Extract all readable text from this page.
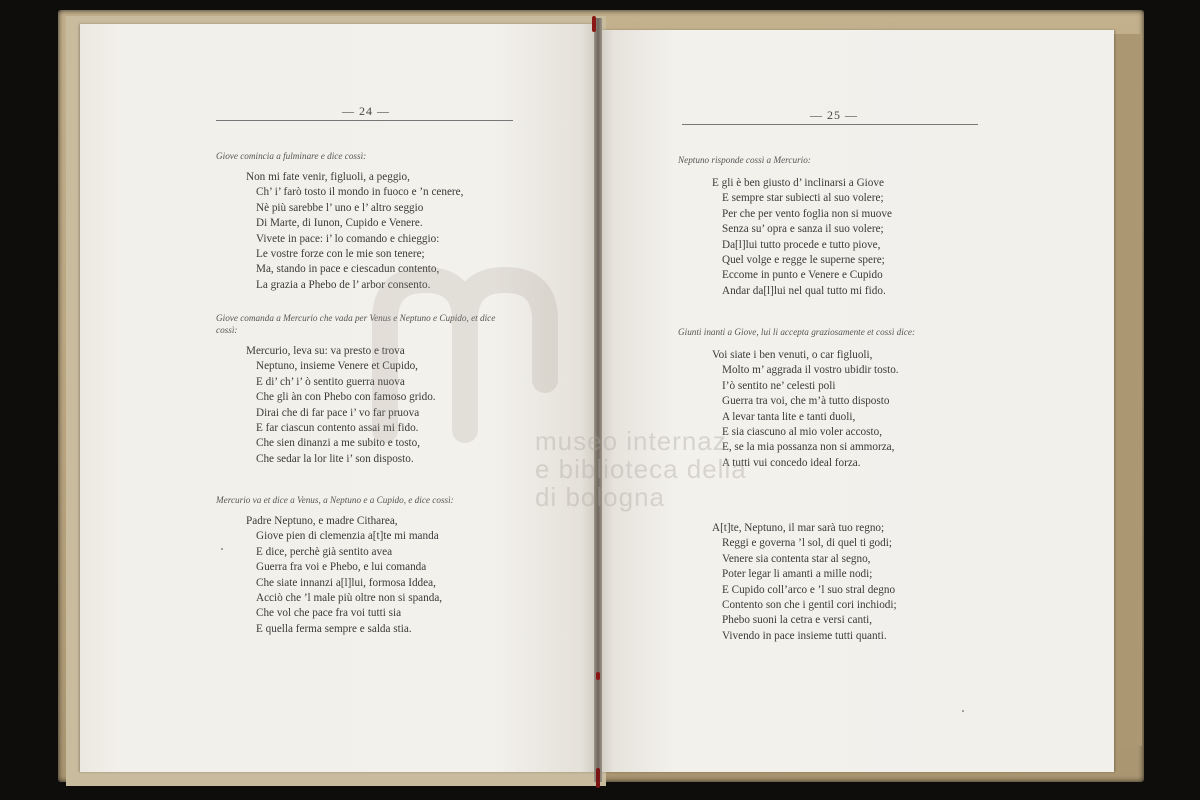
— 24 —
Giove comincia a fulminare e dice cossì:
Non mi fate venir, figluoli, a peggio,
Ch’ i’ farò tosto il mondo in fuoco e ’n cenere,
Nè più sarebbe l’ uno e l’ altro seggio
Di Marte, di Iunon, Cupido e Venere.
Vivete in pace: i’ lo comando e chieggio:
Le vostre forze con le mie son tenere;
Ma, stando in pace e ciescadun contento,
La grazia a Phebo de l’ arbor consento.
Giove comanda a Mercurio che vada per Venus e Neptuno e Cupido, et dice cossì:
Mercurio, leva su: va presto e trova
Neptuno, insieme Venere et Cupido,
E di’ ch’ i’ ò sentito guerra nuova
Che gli àn con Phebo con famoso grido.
Dirai che di far pace i’ vo far pruova
E far ciascun contento assai mi fido.
Che sien dinanzi a me subito e tosto,
Che sedar la lor lite i’ son disposto.
Mercurio va et dice a Venus, a Neptuno e a Cupido, e dice cossì:
Padre Neptuno, e madre Citharea,
Giove pien di clemenzia a[t]te mi manda
E dice, perchè già sentito avea
Guerra fra voi e Phebo, e lui comanda
Che siate innanzi a[l]lui, formosa Iddea,
Acciò che ’l male più oltre non si spanda,
Che vol che pace fra voi tutti sia
E quella ferma sempre e salda stia.
— 25 —
Neptuno risponde cossì a Mercurio:
E gli è ben giusto d’ inclinarsi a Giove
E sempre star subiecti al suo volere;
Per che per vento foglia non si muove
Senza su’ opra e sanza il suo volere;
Da[l]lui tutto procede e tutto piove,
Quel volge e regge le superne spere;
Eccome in punto e Venere e Cupido
Andar da[l]lui nel qual tutto mi fido.
Giunti inanti a Giove, lui li accepta graziosamente et cossì dice:
Voi siate i ben venuti, o car figluoli,
Molto m’ aggrada il vostro ubidir tosto.
I’ò sentito ne’ celesti poli
Guerra tra voi, che m’à tutto disposto
A levar tanta lite e tanti duoli,
E sia ciascuno al mio voler accosto,
E, se la mia possanza non si ammorza,
A tutti vui concedo ideal forza.
A[t]te, Neptuno, il mar sarà tuo regno;
Reggi e governa ’l sol, di quel ti godi;
Venere sia contenta star al segno,
Poter legar li amanti a mille nodi;
E Cupido coll’arco e ’l suo stral degno
Contento son che i gentil cori inchiodi;
Phebo suoni la cetra e versi canti,
Vivendo in pace insieme tutti quanti.
museo internaz
e biblioteca della
di bologna
